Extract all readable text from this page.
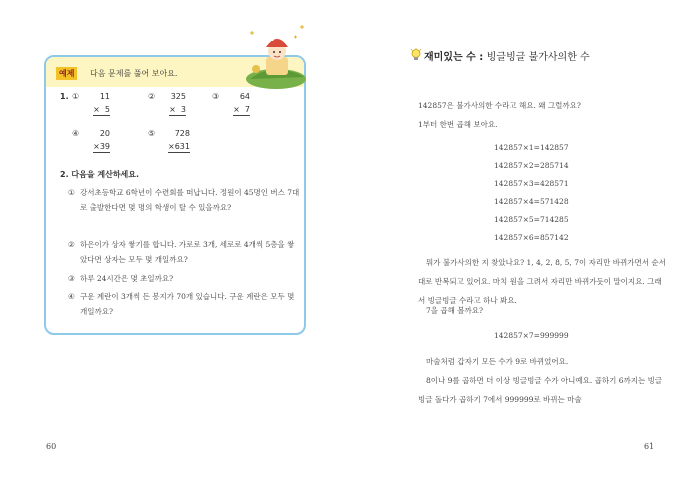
예제	다음 문제를 풀어 보아요.
1. ①	11
×  5
② 325
×  3
③	64
×  7
④	20
×39
⑤ 728
×631
2. 다음을 계산하세요.
① 강서초등학교 6학년이 수련회를 떠납니다. 정원이 45명인 버스 7대로 출발한다면 몇 명의 학생이 탈 수 있을까요?
② 하은이가 상자 쌓기를 합니다. 가로로 3개, 세로로 4개씩 5층을 쌓았다면 상자는 모두 몇 개일까요?
③ 하루 24시간은 몇 초일까요?
④ 구운 계란이 3개씩 든 봉지가 70개 있습니다. 구운 계란은 모두 몇 개일까요?
60
재미있는 수 : 빙글빙글 불가사의한 수

142857은 불가사의한 수라고 해요. 왜 그럴까요?

1부터 한번 곱해 보아요.

142857×1=142857
142857×2=285714
142857×3=428571
142857×4=571428
142857×5=714285
142857×6=857142

뭐가 불가사의한 지 찾았나요? 1, 4, 2, 8, 5, 7이 자리만 바뀌가면서 순서대로 반복되고 있어요. 마치 원을 그려서 자리만 바뀌가듯이 말이지요. 그래서 빙글빙글 수라고 하나 봐요.

7을 곱해 볼까요?

142857×7=999999

마술처럼 갑자기 모든 수가 9로 바뀌었어요.

8이나 9를 곱하면 더 이상 빙글빙글 수가 아니예요. 곱하기 6까지는 빙글빙글 돌다가 곱하기 7에서 999999로 바뀌는 마술

61
